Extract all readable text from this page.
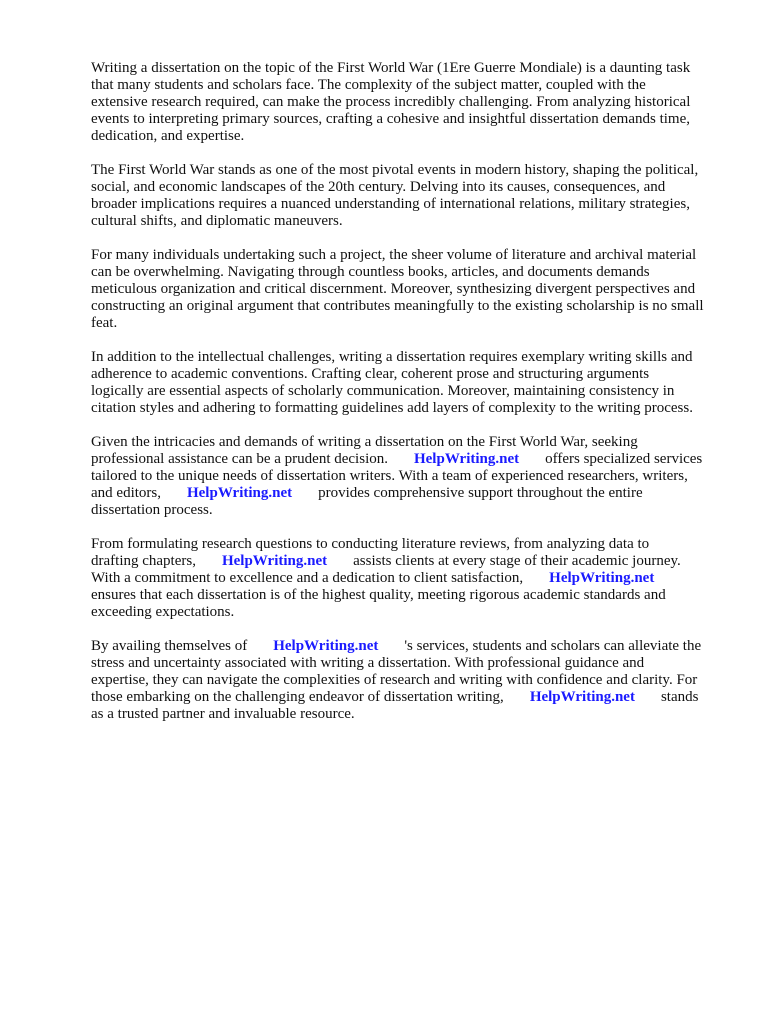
Writing a dissertation on the topic of the First World War (1Ere Guerre Mondiale) is a daunting task
that many students and scholars face. The complexity of the subject matter, coupled with the
extensive research required, can make the process incredibly challenging. From analyzing historical
events to interpreting primary sources, crafting a cohesive and insightful dissertation demands time,
dedication, and expertise.

The First World War stands as one of the most pivotal events in modern history, shaping the political,
social, and economic landscapes of the 20th century. Delving into its causes, consequences, and
broader implications requires a nuanced understanding of international relations, military strategies,
cultural shifts, and diplomatic maneuvers.

For many individuals undertaking such a project, the sheer volume of literature and archival material
can be overwhelming. Navigating through countless books, articles, and documents demands
meticulous organization and critical discernment. Moreover, synthesizing divergent perspectives and
constructing an original argument that contributes meaningfully to the existing scholarship is no small
feat.

In addition to the intellectual challenges, writing a dissertation requires exemplary writing skills and
adherence to academic conventions. Crafting clear, coherent prose and structuring arguments
logically are essential aspects of scholarly communication. Moreover, maintaining consistency in
citation styles and adhering to formatting guidelines add layers of complexity to the writing process.

Given the intricacies and demands of writing a dissertation on the First World War, seeking
professional assistance can be a prudent decision. HelpWriting.net offers specialized services
tailored to the unique needs of dissertation writers. With a team of experienced researchers, writers,
and editors, HelpWriting.net provides comprehensive support throughout the entire
dissertation process.

From formulating research questions to conducting literature reviews, from analyzing data to
drafting chapters, HelpWriting.net assists clients at every stage of their academic journey.
With a commitment to excellence and a dedication to client satisfaction, HelpWriting.net
ensures that each dissertation is of the highest quality, meeting rigorous academic standards and
exceeding expectations.

By availing themselves of HelpWriting.net 's services, students and scholars can alleviate the
stress and uncertainty associated with writing a dissertation. With professional guidance and
expertise, they can navigate the complexities of research and writing with confidence and clarity. For
those embarking on the challenging endeavor of dissertation writing, HelpWriting.net stands
as a trusted partner and invaluable resource.
